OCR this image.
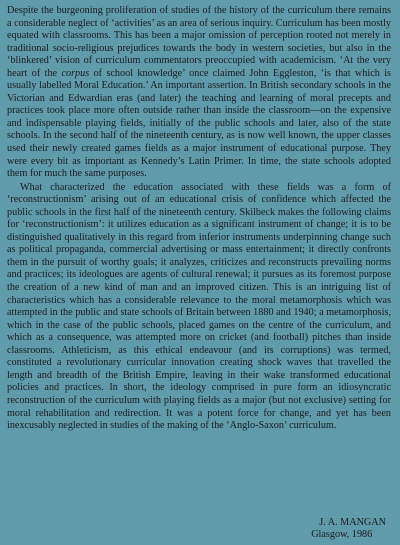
Despite the burgeoning proliferation of studies of the history of the curriculum there remains a considerable neglect of ‘activities’ as an area of serious inquiry. Curriculum has been mostly equated with classrooms. This has been a major omission of perception rooted not merely in traditional socio-religious prejudices towards the body in western societies, but also in the ‘blinkered’ vision of curriculum commentators preoccupied with academicism. ‘At the very heart of the corpus of school knowledge’ once claimed John Eggleston, ‘is that which is usually labelled Moral Education.’ An important assertion. In British secondary schools in the Victorian and Edwardian eras (and later) the teaching and learning of moral precepts and practices took place more often outside rather than inside the classroom—on the expensive and indispensable playing fields, initially of the public schools and later, also of the state schools. In the second half of the nineteenth century, as is now well known, the upper classes used their newly created games fields as a major instrument of educational purpose. They were every bit as important as Kennedy’s Latin Primer. In time, the state schools adopted them for much the same purposes.

What characterized the education associated with these fields was a form of ‘reconstructionism’ arising out of an educational crisis of confidence which affected the public schools in the first half of the nineteenth century. Skilbeck makes the following claims for ‘reconstructionism’: it utilizes education as a significant instrument of change; it is to be distinguished qualitatively in this regard from inferior instruments underpinning change such as political propaganda, commercial advertising or mass entertainment; it directly confronts them in the pursuit of worthy goals; it analyzes, criticizes and reconstructs prevailing norms and practices; its ideologues are agents of cultural renewal; it pursues as its foremost purpose the creation of a new kind of man and an improved citizen. This is an intriguing list of characteristics which has a considerable relevance to the moral metamorphosis which was attempted in the public and state schools of Britain between 1880 and 1940; a metamorphosis, which in the case of the public schools, placed games on the centre of the curriculum, and which as a consequence, was attempted more on cricket (and football) pitches than inside classrooms. Athleticism, as this ethical endeavour (and its corruptions) was termed, constituted a revolutionary curricular innovation creating shock waves that travelled the length and breadth of the British Empire, leaving in their wake transformed educational policies and practices. In short, the ideology comprised in pure form an idiosyncratic reconstruction of the curriculum with playing fields as a major (but not exclusive) setting for moral rehabilitation and redirection. It was a potent force for change, and yet has been inexcusably neglected in studies of the making of the ‘Anglo-Saxon’ curriculum.

J. A. MANGAN
Glasgow, 1986
